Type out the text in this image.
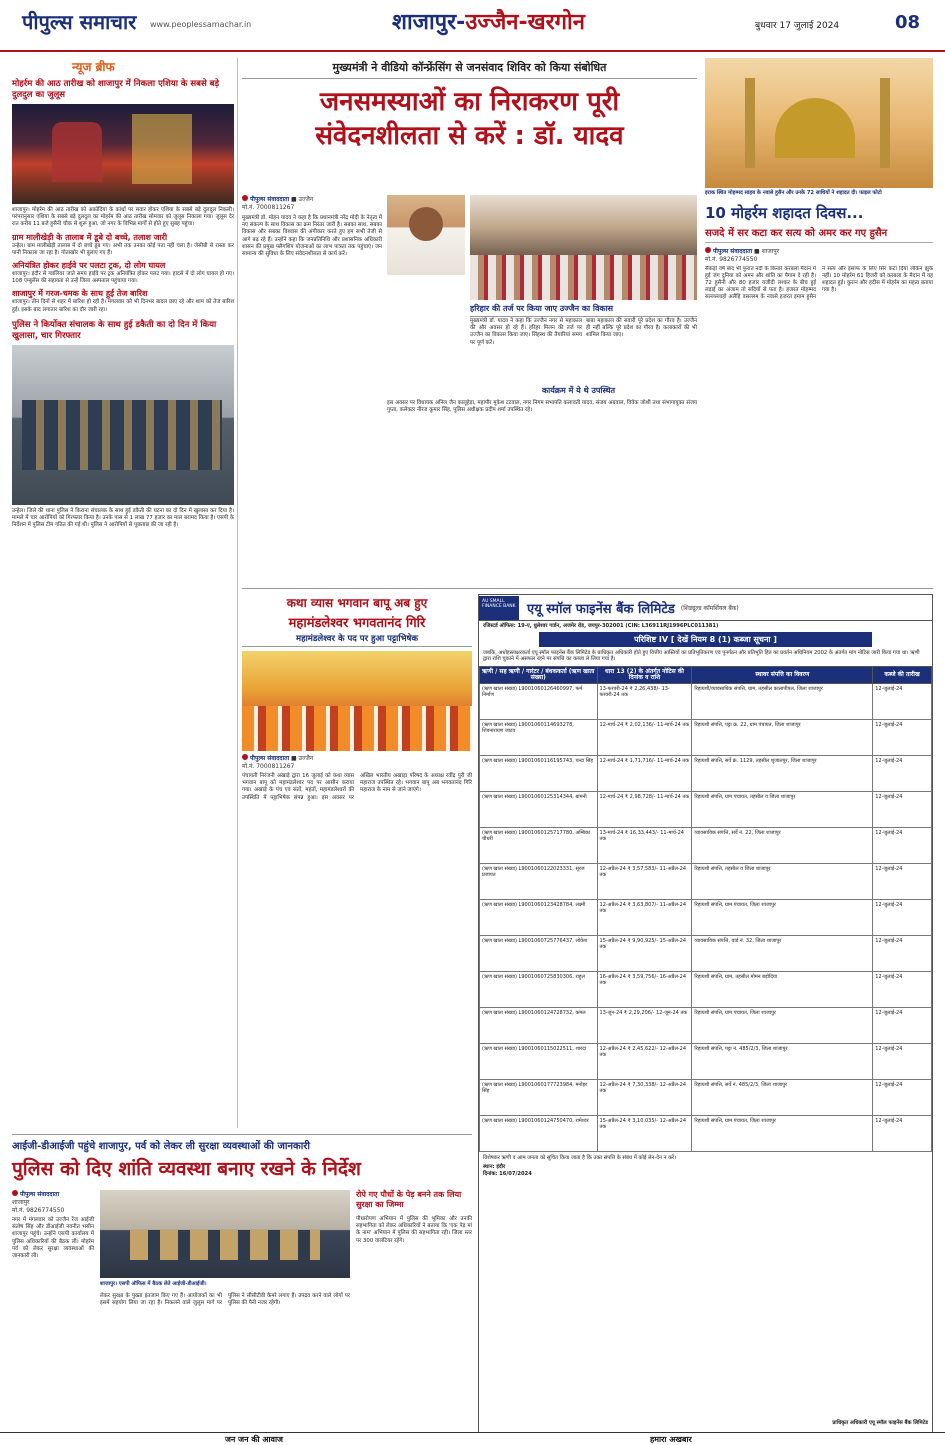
पीपुल्स समाचार www.peoplessamachar.in	शाजापुर-उज्जैन-खरगोन	बुधवार 17 जुलाई 2024	08
न्यूज ब्रीफ
मोहर्रम की आठ तारीख को शाजापुर में निकला एशिया के सबसे बड़े दुलदुल का जुलूस
शाजापुर। मोहर्रम की आठ तारीख को अकोदिया के कांधों पर सवार होकर एशिया के सबसे बड़े दुलदुल निकली। परंपरानुसार एशिया के सबसे बड़े दुलदुल का मोहर्रम की आठ तारीख सोमवार को जुलूस निकाला गया। जुलूस देर रात करीब 11 बजे हुसैनी चौक से शुरू हुआ, जो नगर के विभिन्न मार्गों से होते हुए सुबह पहुंचा।
ग्राम मालीखेड़ी के तालाब में डूबे दो बच्चे, तलाश जारी
उन्हेल। ग्राम मालीखेड़ी तालाब में दो बच्चे डूब गए। अभी तक उनका कोई पता नहीं चला है। जेसीबी से रास्ता कर पानी निकाला जा रहा है। गोताखोर भी बुलाए गए हैं।
अनियंत्रित होकर हाईवे पर पलटा ट्रक, दो लोग घायल
शाजापुर। इंदौर से ग्वालियर जाते समय हाईवे पर ट्रक अनियंत्रित होकर पलट गया। हादसे में दो लोग घायल हो गए। 108 एम्बुलेंस की सहायता से उन्हें जिला अस्पताल पहुंचाया गया।
शाजापुर में गरज-चमक के साथ हुई तेज बारिश
शाजापुर। तीन दिनों से शहर में बारिश हो रही है। मंगलवार को भी दिनभर बादल छाए रहे और शाम को तेज बारिश हुई। इसके बाद लगातार बारिश का दौर जारी रहा।
पुलिस ने किर्योक्त संचालक के साथ हुई डकैती का दो दिन में किया खुलासा, चार गिरफ्तार
उन्हेल। जिले की थाना पुलिस ने किराना संचालक के साथ हुई डकैती की घटना का दो दिन में खुलासा कर दिया है। मामले में चार आरोपियों को गिरफ्तार किया है। उनके पास से 1 लाख 77 हजार का माल बरामद किया है। एसपी के निर्देशन में पुलिस टीम गठित की गई थी। पुलिस ने आरोपियों से पूछताछ की जा रही है।
मुख्यमंत्री ने वीडियो कॉन्फ्रेंसिंग से जनसंवाद शिविर को किया संबोधित
जनसमस्याओं का निराकरण पूरी
संवेदनशीलता से करें : डॉ. यादव
पीपुल्स संवाददाता ■ उज्जैन
मो.नं. 7000811267
मुख्यमंत्री डॉ. मोहन यादव ने कहा है कि प्रधानमंत्री नरेंद्र मोदी के नेतृत्व में नए संकल्प के साथ विकास का क्रम निरंतर जारी है। सबका साथ, सबका विकास और सबका विश्वास की अंगीकार करते हुए हम सभी तेजी से आगे बढ़ रहे हैं। उन्होंने कहा कि जनप्रतिनिधि और प्रशासनिक अधिकारी शासन की प्रमुख फ्लैगशिप योजनाओं का लाभ पात्रता तक पहुंचाएं। जन सामान्य की सुविधा के लिए संवेदनशीलता से कार्य करें।
हरिहार की तर्ज पर किया जाए उज्जैन का विकास
मुख्यमंत्री डॉ. यादव ने कहा कि उज्जैन नगर से महाकाल की और अवसर हो रहे हैं। हरिहर मिलन की तर्ज पर उज्जैन का विकास किया जाए। सिंहस्थ की तैयारियां समय पर पूर्ण करें।
बाबा महाकाल की सवारी पूरे प्रदेश का गौरव है। उज्जैन ही नहीं बल्कि पूरे प्रदेश का गौरव है। कलाकारों की भी शामिल किया जाए।
कार्यक्रम में ये थे उपस्थित
इस अवसर पर विधायक अनिल जैन कालूहेड़ा, महापौर मुकेश टटवाल, नगर निगम सभापति कलावती यादव, संजय अग्रवाल, विवेक जोशी तथा संभागायुक्त संजय गुप्ता, कलेक्टर नीरज कुमार सिंह, पुलिस अधीक्षक प्रदीप शर्मा उपस्थित रहे।
इराक स्थित मोहम्मद साहब के नवासे हुसैन और उनके 72 साथियों ने शहादत दी। फाइल फोटो
10 मोहर्रम शहादत दिवस...
सजदे में सर कटा कर सत्य को अमर कर गए हुसैन
पीपुल्स संवाददाता ■ शाजापुर
मो.नं. 9826774550
सैकड़ों वर्ष बाद भी फुरात नदी के किनारे करबला मैदान में हुई जंग दुनिया को अमन और शांति का पैगाम दे रही है। 72 हुसैनी और 80 हजार यजीदी लश्कर के बीच हुई लड़ाई का अंजाम तो सदियों से पता है। हजरत मोहम्मद सल्लल्लाहो अलैहि वसल्लम के नवासे हजरत इमाम हुसैन ने सत्य और इंसाफ के लिए सिर कटा दिया लेकिन झुके नहीं। 10 मोहर्रम 61 हिजरी को करबला के मैदान में यह शहादत हुई। कुरान और हदीस में मोहर्रम का महत्व बताया गया है।
कथा व्यास भगवान बापू अब हुए
महामंडलेश्वर भगवतानंद गिरि
महामंडलेश्वर के पद पर हुआ पट्टाभिषेक
पीपुल्स संवाददाता ■ उज्जैन
मो.नं. 7000811267
पंचायती निरंजनी अखाड़े द्वारा 16 जुलाई को कथा व्यास भगवान बापू को महामंडलेश्वर पद पर आसीन कराया गया। अखाड़े के पंच एवं संतों, महंतों, महामंडलेश्वरों की उपस्थिति में पट्टाभिषेक संपन्न हुआ। इस अवसर पर अखिल भारतीय अखाड़ा परिषद के अध्यक्ष रवींद्र पुरी जी महाराज उपस्थित रहे। भगवान बापू अब भगवतानंद गिरि महाराज के नाम से जाने जाएंगे।
AU SMALL FINANCE BANK एयू स्मॉल फाइनेंस बैंक लिमिटेड (शिड्यूल्ड कॉमर्शियल बैंक)
रजिस्टर्ड ऑफिस: 19-ए, धुलेश्वर गार्डन, अजमेर रोड, जयपुर-302001 (CIN: L36911RJ1996PLC011381)
परिशिष्ट IV [ देखें नियम 8 (1) कब्जा सूचना ]
जबकि, अधोहस्ताक्षरकर्ता एयू स्मॉल फाइनेंस बैंक लिमिटेड के प्राधिकृत अधिकारी होते हुए वित्तीय आस्तियों का प्रतिभूतिकरण एवं पुनर्गठन और प्रतिभूति हित का प्रवर्तन अधिनियम 2002 के अंतर्गत मांग नोटिस जारी किया गया था। ऋणी द्वारा राशि चुकाने में असफल रहने पर संपत्ति का कब्जा ले लिया गया है।
ऋणी / सह ऋणी / गारंटर / बंधककर्ता (ऋण खाता संख्या)	धारा 13 (2) के अंतर्गत नोटिस की दिनांक व राशि	स्थावर संपत्ति का विवरण	कब्जे की तारीख
(ऋण खाता संख्या) L9001060126460997, फर्म निर्माण	13-फरवरी-24 ₹ 2,26,438/- 13-फरवरी-24 तक	रिहायशी/व्यावसायिक संपत्ति, ग्राम, तहसील कालापीपल, जिला शाजापुर	12-जुलाई-24
(ऋण खाता संख्या) L9001060114693278, शिवनारायण जाटव	12-मार्च-24 ₹ 2,02,136/- 11-मार्च-24 तक	रिहायशी संपत्ति, पट्टा क्र. 22, ग्राम पंचायत, जिला शाजापुर	12-जुलाई-24
(ऋण खाता संख्या) L9001060116195743, चन्दा सिंह	12-मार्च-24 ₹ 1,71,716/- 11-मार्च-24 तक	रिहायशी संपत्ति, सर्वे क्रं. 1129, तहसील शुजालपुर, जिला शाजापुर	12-जुलाई-24
(ऋण खाता संख्या) L9001060125314344, बामनी	12-मार्च-24 ₹ 2,98,728/- 11-मार्च-24 तक	रिहायशी संपत्ति, ग्राम पंचायत, तहसील व जिला शाजापुर	12-जुलाई-24
(ऋण खाता संख्या) L9001060125717780, अम्बिका चौधरी	13-मार्च-24 ₹ 16,33,443/- 11-मार्च-24 तक	व्यावसायिक संपत्ति, सर्वे नं. 22, जिला शाजापुर	12-जुलाई-24
(ऋण खाता संख्या) L9001060122023331, सूरज प्रजापत	12-अप्रैल-24 ₹ 3,57,583/- 11-अप्रैल-24 तक	रिहायशी संपत्ति, तहसील व जिला शाजापुर	12-जुलाई-24
(ऋण खाता संख्या) L9001060123428784, लक्ष्मी	12-अप्रैल-24 ₹ 3,63,807/- 11-अप्रैल-24 तक	रिहायशी संपत्ति, ग्राम पंचायत, जिला शाजापुर	12-जुलाई-24
(ऋण खाता संख्या) L9001060725776437, लोकेश	15-अप्रैल-24 ₹ 9,90,925/- 15-अप्रैल-24 तक	व्यावसायिक संपत्ति, वार्ड नं. 32, जिला शाजापुर	12-जुलाई-24
(ऋण खाता संख्या) L9001060725830306, राहुल	16-अप्रैल-24 ₹ 3,59,756/- 16-अप्रैल-24 तक	रिहायशी संपत्ति, ग्राम, तहसील मोमन बड़ोदिया	12-जुलाई-24
(ऋण खाता संख्या) L9001060124728732, कमल	13-जून-24 ₹ 2,29,206/- 12-जून-24 तक	रिहायशी संपत्ति, ग्राम पंचायत, जिला शाजापुर	12-जुलाई-24
(ऋण खाता संख्या) L9001060115022511, शारदा	12-अप्रैल-24 ₹ 2,45,622/- 12-अप्रैल-24 तक	रिहायशी संपत्ति, पट्टा नं. 485/2/3, जिला शाजापुर	12-जुलाई-24
(ऋण खाता संख्या) L9001060177723984, मनोहर सिंह	12-अप्रैल-24 ₹ 7,30,338/- 12-अप्रैल-24 तक	रिहायशी संपत्ति, सर्वे नं. 485/2/3, जिला शाजापुर	12-जुलाई-24
(ऋण खाता संख्या) L9001060124750470, रामेश्वर	15-अप्रैल-24 ₹ 3,10,035/- 12-अप्रैल-24 तक	रिहायशी संपत्ति, ग्राम पंचायत, जिला शाजापुर	12-जुलाई-24
विशेषकर ऋणी व आम जनता को सूचित किया जाता है कि उक्त संपत्ति के संबंध में कोई लेन-देन न करें।
स्थान: इंदौर
दिनांक: 16/07/2024
प्राधिकृत अधिकारी एयू स्मॉल फाइनेंस बैंक लिमिटेड
आईजी-डीआईजी पहुंचे शाजापुर, पर्व को लेकर ली सुरक्षा व्यवस्थाओं की जानकारी
पुलिस को दिए शांति व्यवस्था बनाए रखने के निर्देश
पीपुल्स संवाददाता
शाजापुर
मो.नं. 9826774550
नगर में मंगलवार को उज्जैन रेंज आईजी संतोष सिंह और डीआईजी नवनीत भसीन शाजापुर पहुंचे। उन्होंने एसपी कार्यालय में पुलिस अधिकारियों की बैठक ली। मोहर्रम पर्व को लेकर सुरक्षा व्यवस्थाओं की जानकारी ली।
शाजापुर। एसपी ऑफिस में बैठक लेते आईजी-डीआईजी।
लेकर सुरक्षा के पुख्ता इंतजाम किए गए हैं। आयोजकों का भी इसमें सहयोग लिया जा रहा है। निकलने वाले जुलूस मार्ग पर पुलिस ने सीसीटीवी कैमरे लगाए हैं। उपद्रव करने वाले लोगों पर पुलिस की पैनी नजर रहेगी।
रोपे गए पौधों के पेड़ बनने तक लिया सुरक्षा का जिम्मा
पौधारोपण अभियान में पुलिस की भूमिका और उनकी सहभागिता को लेकर अधिकारियों ने बताया कि 'एक पेड़ मां के नाम' अभियान में पुलिस की सहभागिता रही। जिला स्तर पर 300 वालंटियर रहेंगे।
जन जन की आवाज	हमारा अखबार
